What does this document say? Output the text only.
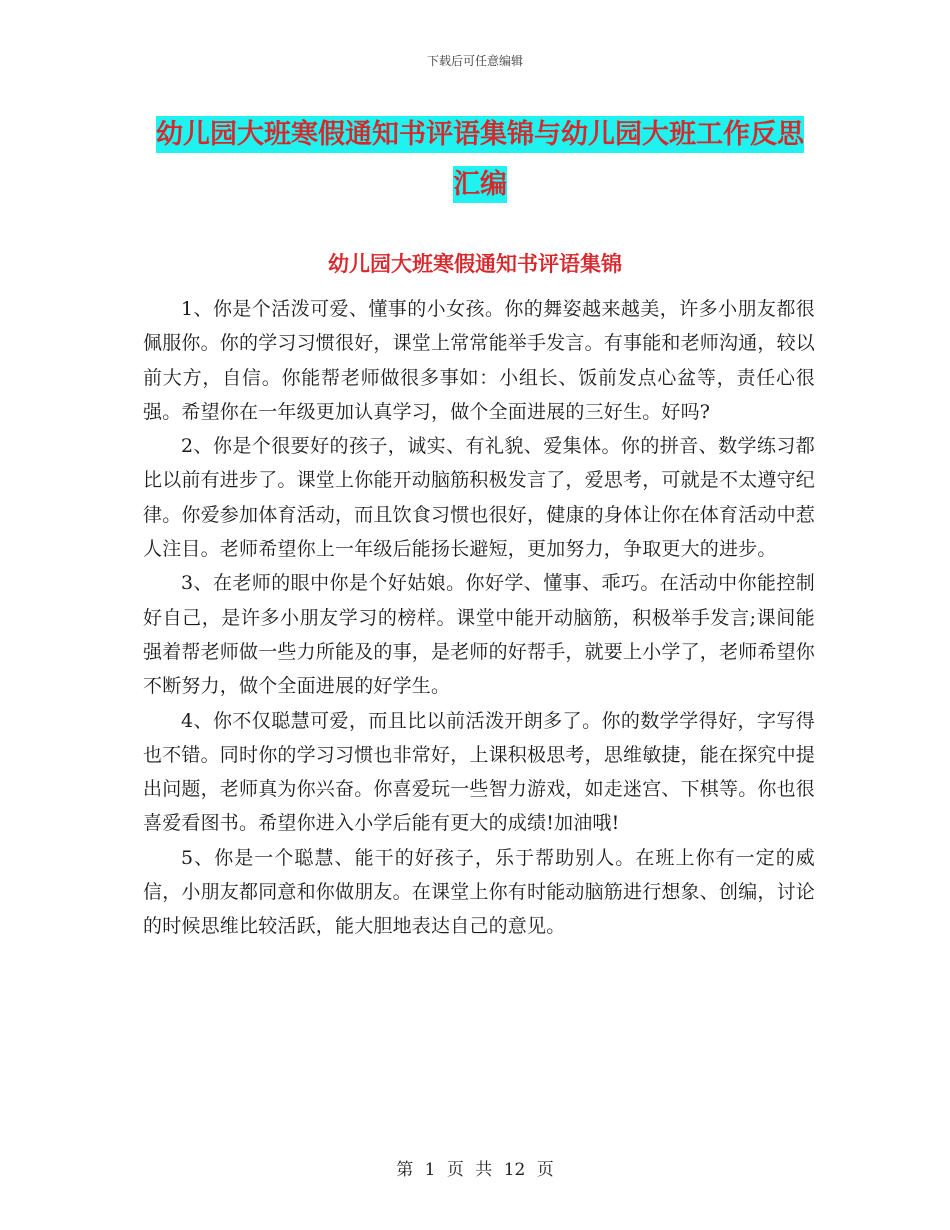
下载后可任意编辑
幼儿园大班寒假通知书评语集锦与幼儿园大班工作反思汇编
幼儿园大班寒假通知书评语集锦

1、你是个活泼可爱、懂事的小女孩。你的舞姿越来越美，许多小朋友都很佩服你。你的学习习惯很好，课堂上常常能举手发言。有事能和老师沟通，较以前大方，自信。你能帮老师做很多事如：小组长、饭前发点心盆等，责任心很强。希望你在一年级更加认真学习，做个全面进展的三好生。好吗?

2、你是个很要好的孩子，诚实、有礼貌、爱集体。你的拼音、数学练习都比以前有进步了。课堂上你能开动脑筋积极发言了，爱思考，可就是不太遵守纪律。你爱参加体育活动，而且饮食习惯也很好，健康的身体让你在体育活动中惹人注目。老师希望你上一年级后能扬长避短，更加努力，争取更大的进步。

3、在老师的眼中你是个好姑娘。你好学、懂事、乖巧。在活动中你能控制好自己，是许多小朋友学习的榜样。课堂中能开动脑筋，积极举手发言;课间能强着帮老师做一些力所能及的事，是老师的好帮手，就要上小学了，老师希望你不断努力，做个全面进展的好学生。

4、你不仅聪慧可爱，而且比以前活泼开朗多了。你的数学学得好，字写得也不错。同时你的学习习惯也非常好，上课积极思考，思维敏捷，能在探究中提出问题，老师真为你兴奋。你喜爱玩一些智力游戏，如走迷宫、下棋等。你也很喜爱看图书。希望你进入小学后能有更大的成绩!加油哦!

5、你是一个聪慧、能干的好孩子，乐于帮助别人。在班上你有一定的威信，小朋友都同意和你做朋友。在课堂上你有时能动脑筋进行想象、创编，讨论的时候思维比较活跃，能大胆地表达自己的意见。

第 1 页 共 12 页
